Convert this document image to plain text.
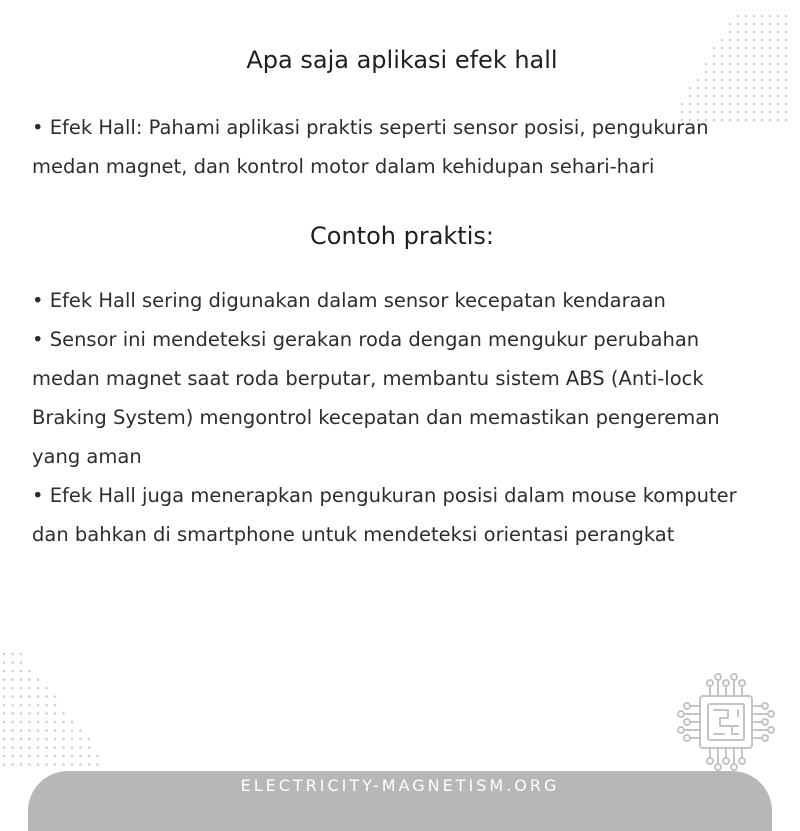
Apa saja aplikasi efek hall

• Efek Hall: Pahami aplikasi praktis seperti sensor posisi, pengukuran medan magnet, dan kontrol motor dalam kehidupan sehari-hari

Contoh praktis:
• Efek Hall sering digunakan dalam sensor kecepatan kendaraan
• Sensor ini mendeteksi gerakan roda dengan mengukur perubahan medan magnet saat roda berputar, membantu sistem ABS (Anti-lock Braking System) mengontrol kecepatan dan memastikan pengereman yang aman
• Efek Hall juga menerapkan pengukuran posisi dalam mouse komputer dan bahkan di smartphone untuk mendeteksi orientasi perangkat
ELECTRICITY-MAGNETISM.ORG
